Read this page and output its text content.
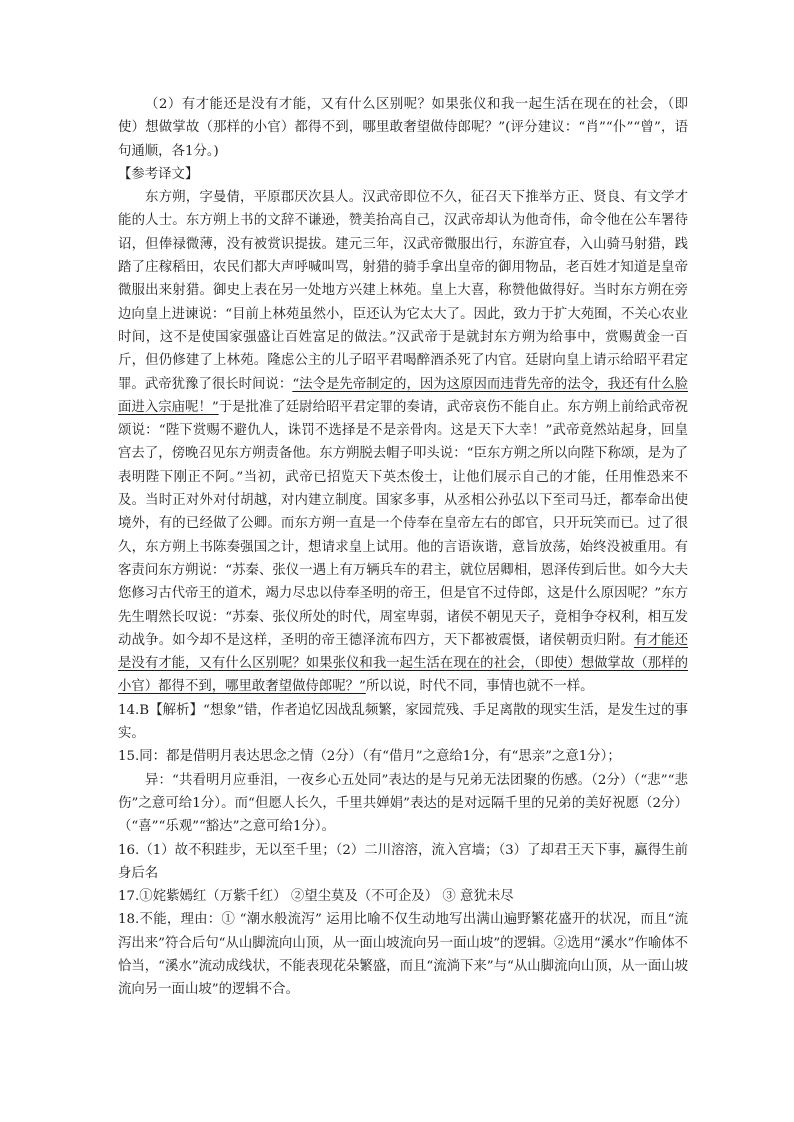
（2）有才能还是没有才能，又有什么区别呢？如果张仪和我一起生活在现在的社会，（即使）想做掌故（那样的小官）都得不到，哪里敢奢望做侍郎呢？”(评分建议：“肖”“仆”“曾”，语句通顺，各1分。)

【参考译文】

东方朔，字曼倩，平原郡厌次县人。汉武帝即位不久，征召天下推举方正、贤良、有文学才能的人士。东方朔上书的文辞不谦逊，赞美抬高自己，汉武帝却认为他奇伟，命令他在公车署待诏，但俸禄微薄，没有被赏识提拔。建元三年，汉武帝微服出行，东游宜春，入山骑马射猎，践踏了庄稼稻田，农民们都大声呼喊叫骂，射猎的骑手拿出皇帝的御用物品，老百姓才知道是皇帝微服出来射猎。御史上表在另一处地方兴建上林苑。皇上大喜，称赞他做得好。当时东方朔在旁边向皇上进谏说：“目前上林苑虽然小，臣还认为它太大了。因此，致力于扩大苑囿，不关心农业时间，这不是使国家强盛让百姓富足的做法。”汉武帝于是就封东方朔为给事中，赏赐黄金一百斤，但仍修建了上林苑。隆虑公主的儿子昭平君喝醉酒杀死了内官。廷尉向皇上请示给昭平君定罪。武帝犹豫了很长时间说：“法令是先帝制定的，因为这原因而违背先帝的法令，我还有什么脸面进入宗庙呢！”于是批准了廷尉给昭平君定罪的奏请，武帝哀伤不能自止。东方朔上前给武帝祝颂说：“陛下赏赐不避仇人，诛罚不选择是不是亲骨肉。这是天下大幸！”武帝竟然站起身，回皇宫去了，傍晚召见东方朔责备他。东方朔脱去帽子叩头说：“臣东方朔之所以向陛下称颂，是为了表明陛下刚正不阿。”当初，武帝已招览天下英杰俊士，让他们展示自己的才能，任用惟恐来不及。当时正对外对付胡越，对内建立制度。国家多事，从丞相公孙弘以下至司马迁，都奉命出使境外，有的已经做了公卿。而东方朔一直是一个侍奉在皇帝左右的郎官，只开玩笑而已。过了很久，东方朔上书陈奏强国之计，想请求皇上试用。他的言语诙谐，意旨放荡，始终没被重用。有客责问东方朔说：“苏秦、张仪一遇上有万辆兵车的君主，就位居卿相，恩泽传到后世。如今大夫您修习古代帝王的道术，竭力尽忠以侍奉圣明的帝王，但是官不过侍郎，这是什么原因呢？”东方先生喟然长叹说：“苏秦、张仪所处的时代，周室卑弱，诸侯不朝见天子，竟相争夺权利，相互发动战争。如今却不是这样，圣明的帝王德泽流布四方，天下都被震慑，诸侯朝贡归附。有才能还是没有才能，又有什么区别呢？如果张仪和我一起生活在现在的社会，（即使）想做掌故（那样的小官）都得不到，哪里敢奢望做侍郎呢？”所以说，时代不同，事情也就不一样。

14.B【解析】“想象”错，作者追忆因战乱频繁，家园荒残、手足离散的现实生活，是发生过的事实。

15.同：都是借明月表达思念之情（2分）（有“借月”之意给1分，有“思亲”之意1分）；

异：“共看明月应垂泪，一夜乡心五处同”表达的是与兄弟无法团聚的伤感。（2分）（“悲”“悲伤”之意可给1分）。而“但愿人长久，千里共婵娟”表达的是对远隔千里的兄弟的美好祝愿（2分）（“喜”“乐观”“豁达”之意可给1分）。

16.（1）故不积跬步，无以至千里；（2）二川溶溶，流入宫墙；（3）了却君王天下事，赢得生前身后名

17.①姹紫嫣红（万紫千红） ②望尘莫及（不可企及） ③ 意犹未尽

18.不能，理由：① “潮水般流泻” 运用比喻不仅生动地写出满山遍野繁花盛开的状况，而且“流泻出来”符合后句“从山脚流向山顶，从一面山坡流向另一面山坡”的逻辑。②选用“溪水”作喻体不恰当，“溪水”流动成线状，不能表现花朵繁盛，而且“流淌下来”与“从山脚流向山顶，从一面山坡流向另一面山坡”的逻辑不合。
